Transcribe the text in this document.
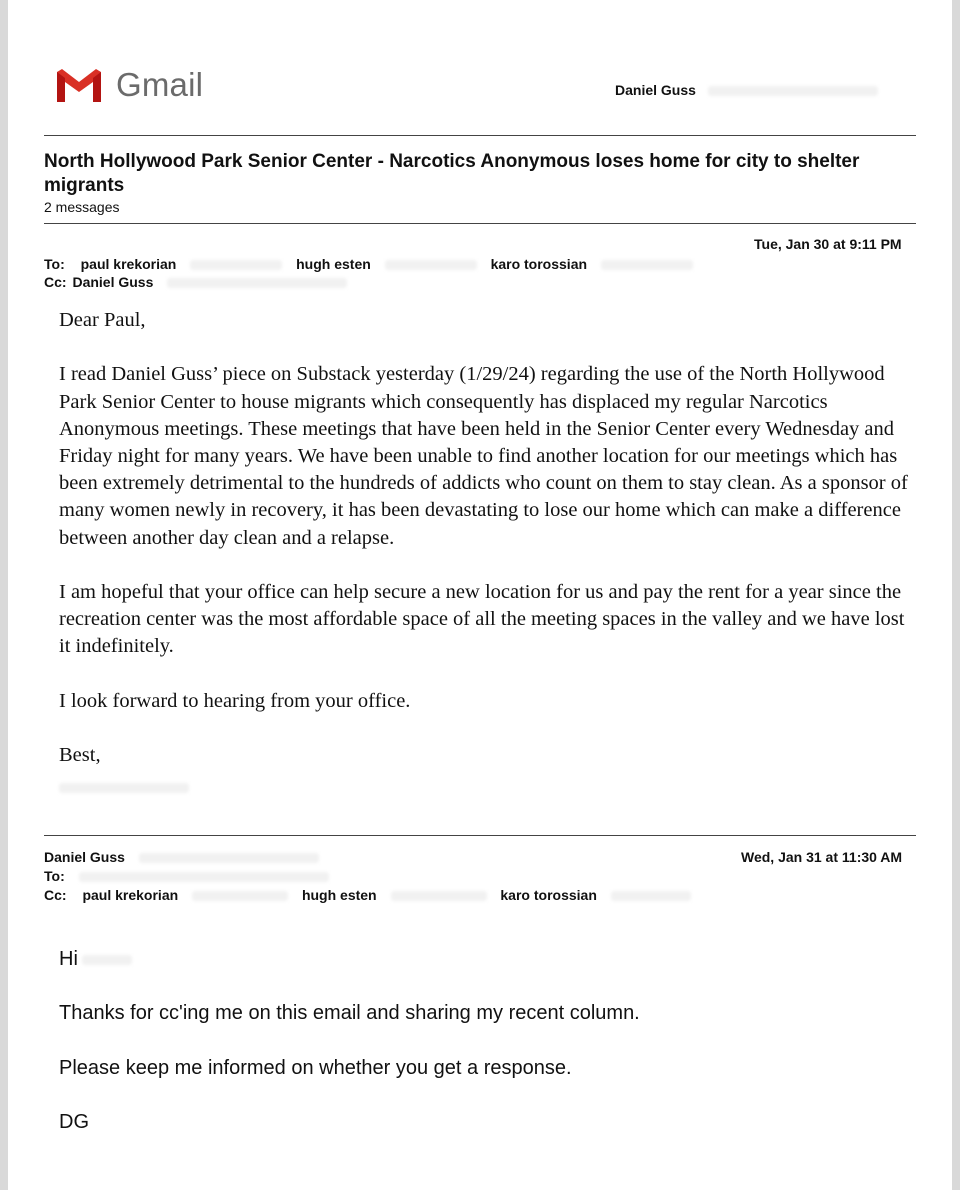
Gmail	Daniel Guss
North Hollywood Park Senior Center - Narcotics Anonymous loses home for city to shelter migrants
2 messages
Tue, Jan 30 at 9:11 PM
To: paul krekorian	hugh esten	karo torossian
Cc: Daniel Guss

Dear Paul,

I read Daniel Guss’ piece on Substack yesterday (1/29/24) regarding the use of the North Hollywood Park Senior Center to house migrants which consequently has displaced my regular Narcotics Anonymous meetings. These meetings that have been held in the Senior Center every Wednesday and Friday night for many years. We have been unable to find another location for our meetings which has been extremely detrimental to the hundreds of addicts who count on them to stay clean. As a sponsor of many women newly in recovery, it has been devastating to lose our home which can make a difference between another day clean and a relapse.

I am hopeful that your office can help secure a new location for us and pay the rent for a year since the recreation center was the most affordable space of all the meeting spaces in the valley and we have lost it indefinitely.

I look forward to hearing from your office.

Best,

Daniel Guss	Wed, Jan 31 at 11:30 AM
To:
Cc: paul krekorian	hugh esten	karo torossian

Hi

Thanks for cc'ing me on this email and sharing my recent column.

Please keep me informed on whether you get a response.

DG
